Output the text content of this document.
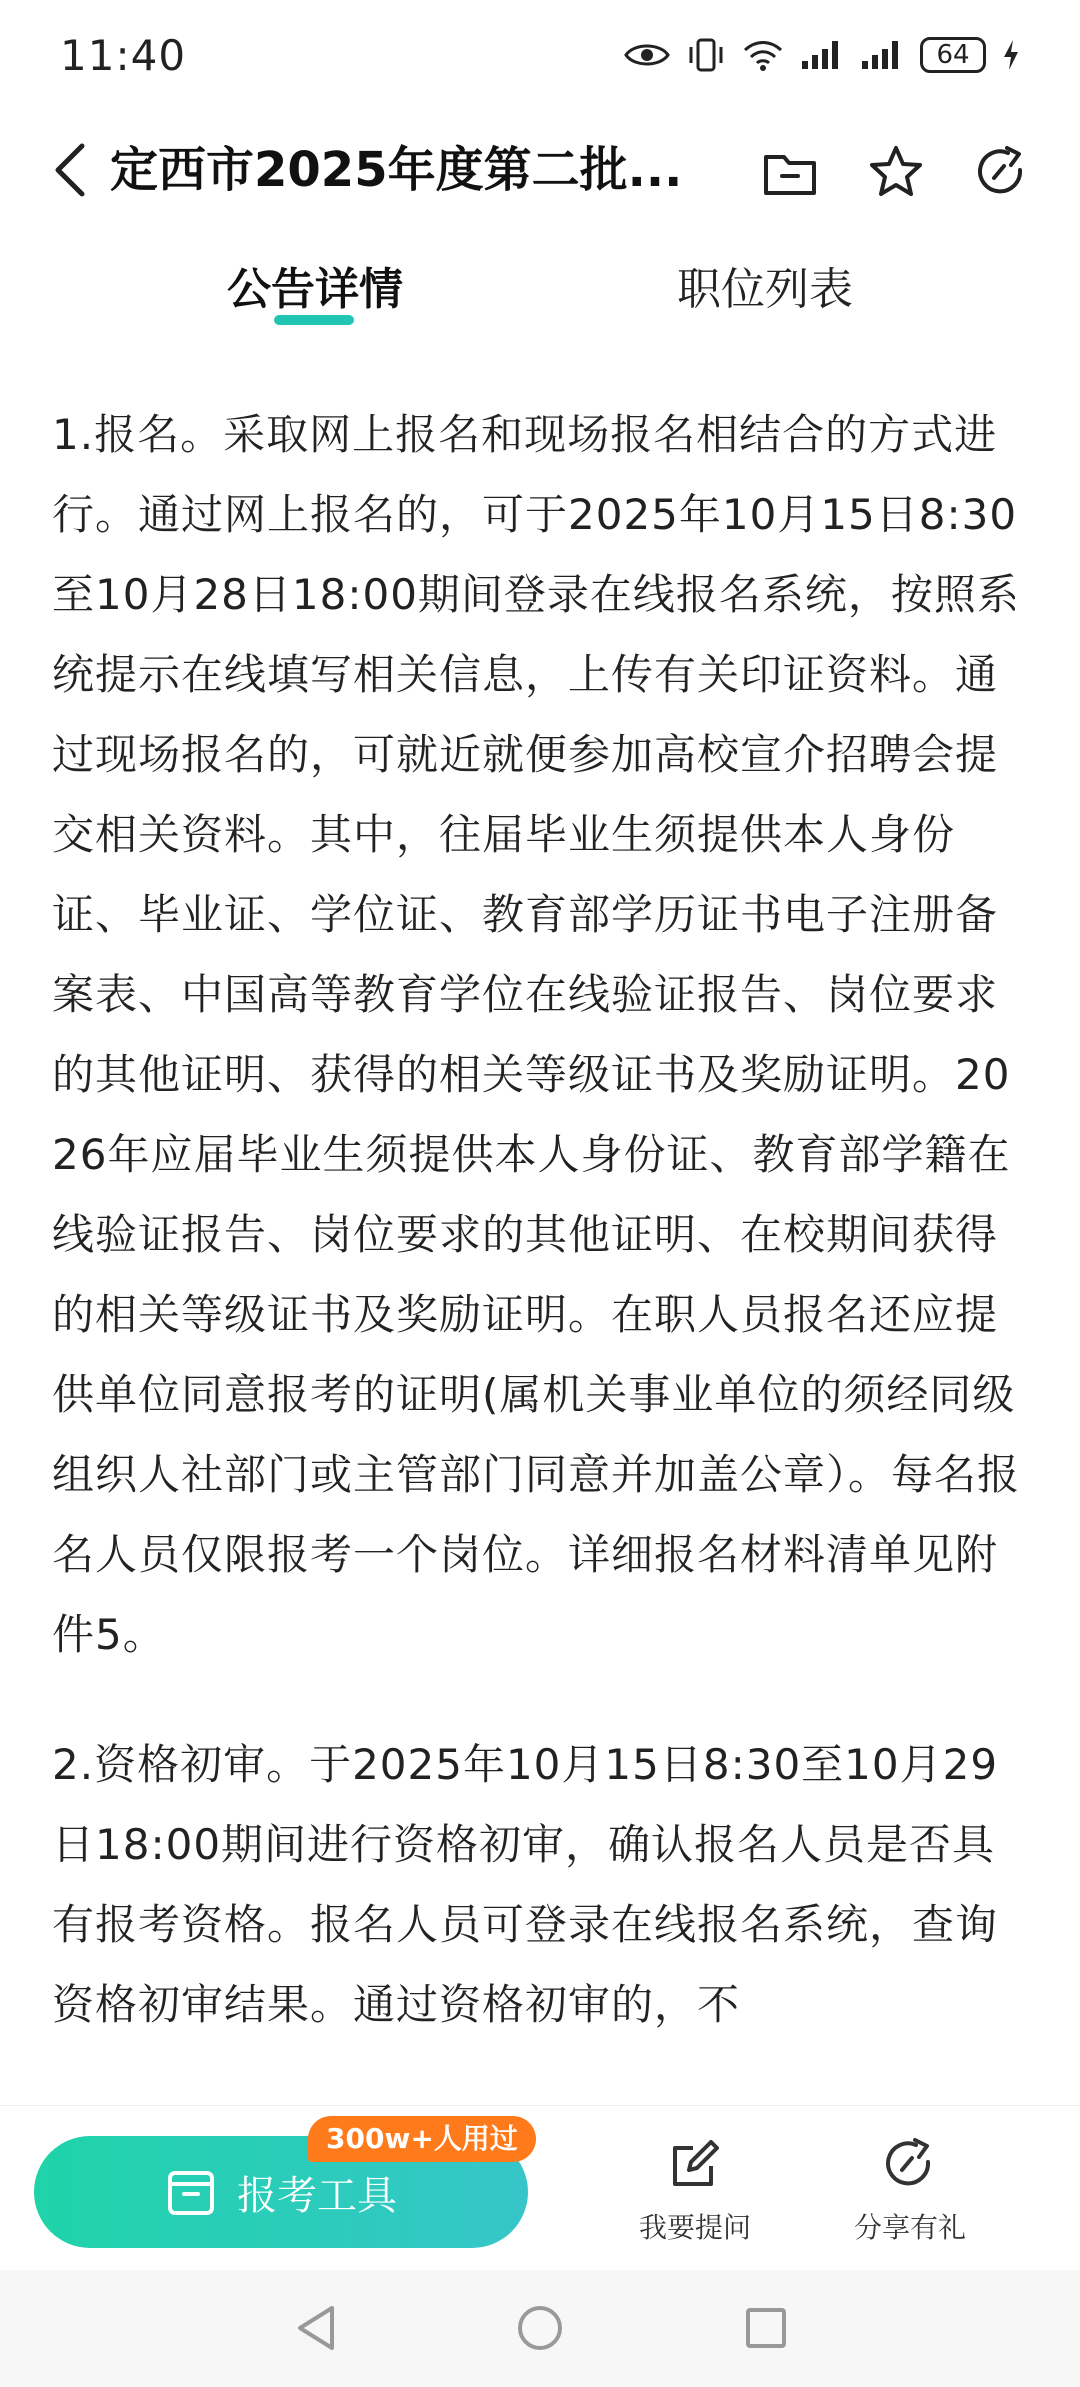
11:40	64
定西市2025年度第二批...
公告详情	职位列表

1.报名。采取网上报名和现场报名相结合的方式进行。通过网上报名的，可于2025年10月15日8:30至10月28日18:00期间登录在线报名系统，按照系统提示在线填写相关信息，上传有关印证资料。通过现场报名的，可就近就便参加高校宣介招聘会提交相关资料。其中，往届毕业生须提供本人身份证、毕业证、学位证、教育部学历证书电子注册备案表、中国高等教育学位在线验证报告、岗位要求的其他证明、获得的相关等级证书及奖励证明。2026年应届毕业生须提供本人身份证、教育部学籍在线验证报告、岗位要求的其他证明、在校期间获得的相关等级证书及奖励证明。在职人员报名还应提供单位同意报考的证明(属机关事业单位的须经同级组织人社部门或主管部门同意并加盖公章）。每名报名人员仅限报考一个岗位。详细报名材料清单见附件5。

2.资格初审。于2025年10月15日8:30至10月29日18:00期间进行资格初审，确认报名人员是否具有报考资格。报名人员可登录在线报名系统，查询资格初审结果。通过资格初审的，不

报考工具
300w+人用过
我要提问	分享有礼
